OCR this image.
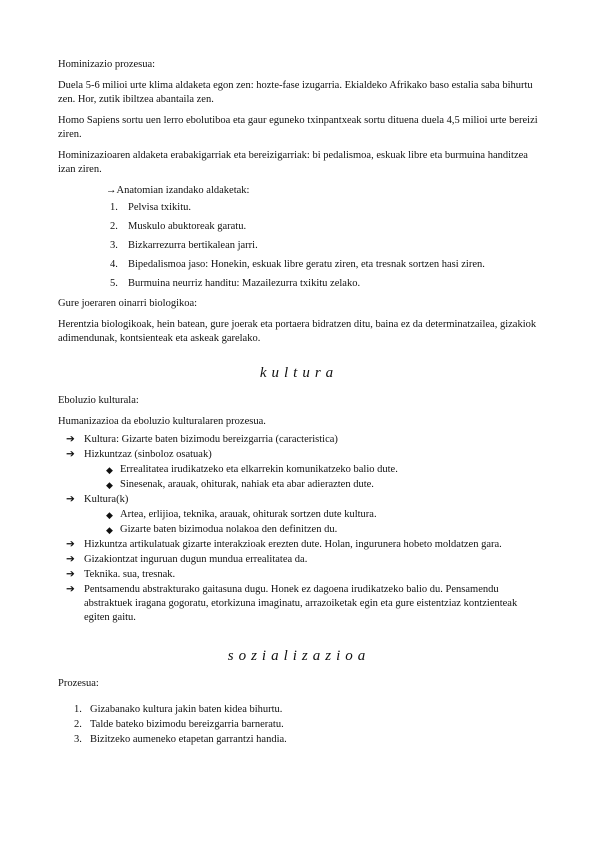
Hominizazio prozesua:

Duela 5-6 milioi urte klima aldaketa egon zen: hozte-fase izugarria. Ekialdeko Afrikako baso estalia saba bihurtu zen. Hor, zutik ibiltzea abantaila zen.

Homo Sapiens sortu uen lerro ebolutiboa eta gaur eguneko txinpantxeak sortu dituena duela 4,5 milioi urte bereizi ziren.

Hominizazioaren aldaketa erabakigarriak eta bereizigarriak: bi pedalismoa, eskuak libre eta burmuina handitzea izan ziren.

→Anatomian izandako aldaketak:

1. Pelvisa txikitu.
2. Muskulo abuktoreak garatu.
3. Bizkarrezurra bertikalean jarri.
4. Bipedalismoa jaso: Honekin, eskuak libre geratu ziren, eta tresnak sortzen hasi ziren.
5. Burmuina neurriz handitu: Mazailezurra txikitu zelako.

Gure joeraren oinarri biologikoa:

Herentzia biologikoak, hein batean, gure joerak eta portaera bidratzen ditu, baina ez da determinatzailea, gizakiok adimendunak, kontsienteak eta askeak garelako.

kultura

Eboluzio kulturala:

Humanizazioa da eboluzio kulturalaren prozesua.

➔ Kultura: Gizarte baten bizimodu bereizgarria (caracteristica)
➔ Hizkuntzaz (sinboloz osatuak)
◆ Errealitatea irudikatzeko eta elkarrekin komunikatzeko balio dute.
◆ Sinesenak, arauak, ohiturak, nahiak eta abar adierazten dute.
➔ Kultura(k)
◆ Artea, erlijioa, teknika, arauak, ohiturak sortzen dute kultura.
◆ Gizarte baten bizimodua nolakoa den definitzen du.
➔ Hizkuntza artikulatuak gizarte interakzioak erezten dute. Holan, ingurunera hobeto moldatzen gara.
➔ Gizakiontzat inguruan dugun mundua errealitatea da.
➔ Teknika. sua, tresnak.
➔ Pentsamendu abstrakturako gaitasuna dugu. Honek ez dagoena irudikatzeko balio du. Pensamendu abstraktuek iragana gogoratu, etorkizuna imaginatu, arrazoiketak egin eta gure eistentziaz kontzienteak egiten gaitu.
sozializazioa

Prozesua:

1. Gizabanako kultura jakin baten kidea bihurtu.
2. Talde bateko bizimodu bereizgarria barneratu.
3. Bizitzeko aumeneko etapetan garrantzi handia.
